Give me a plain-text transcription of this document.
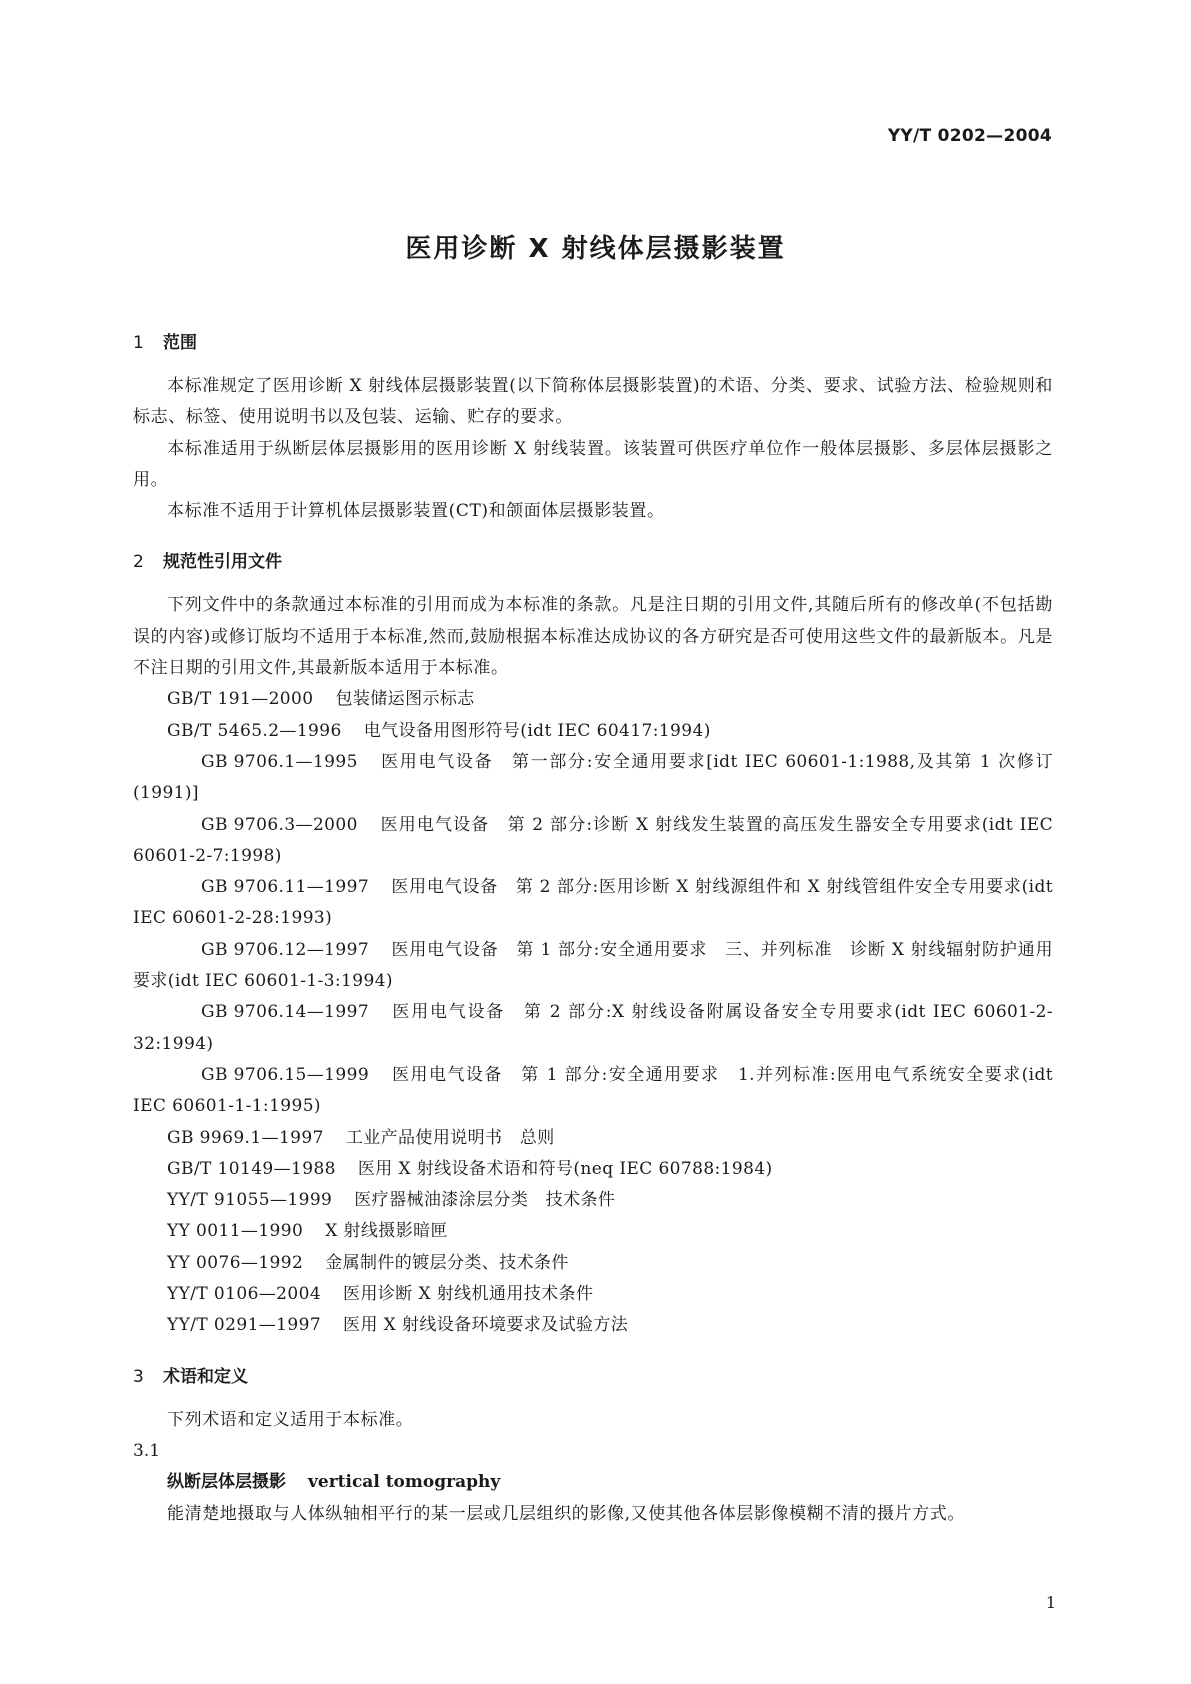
YY/T 0202—2004
医用诊断 X 射线体层摄影装置
1 范围
本标准规定了医用诊断 X 射线体层摄影装置(以下简称体层摄影装置)的术语、分类、要求、试验方法、检验规则和标志、标签、使用说明书以及包装、运输、贮存的要求。
本标准适用于纵断层体层摄影用的医用诊断 X 射线装置。该装置可供医疗单位作一般体层摄影、多层体层摄影之用。
本标准不适用于计算机体层摄影装置(CT)和颌面体层摄影装置。
2 规范性引用文件
下列文件中的条款通过本标准的引用而成为本标准的条款。凡是注日期的引用文件,其随后所有的修改单(不包括勘误的内容)或修订版均不适用于本标准,然而,鼓励根据本标准达成协议的各方研究是否可使用这些文件的最新版本。凡是不注日期的引用文件,其最新版本适用于本标准。
GB/T 191—2000 包装储运图示标志
GB/T 5465.2—1996 电气设备用图形符号(idt IEC 60417:1994)
GB 9706.1—1995 医用电气设备　第一部分:安全通用要求[idt IEC 60601-1:1988,及其第 1 次修订(1991)]
GB 9706.3—2000 医用电气设备　第 2 部分:诊断 X 射线发生装置的高压发生器安全专用要求(idt IEC 60601-2-7:1998)
GB 9706.11—1997 医用电气设备　第 2 部分:医用诊断 X 射线源组件和 X 射线管组件安全专用要求(idt IEC 60601-2-28:1993)
GB 9706.12—1997 医用电气设备　第 1 部分:安全通用要求　三、并列标准　诊断 X 射线辐射防护通用要求(idt IEC 60601-1-3:1994)
GB 9706.14—1997 医用电气设备　第 2 部分:X 射线设备附属设备安全专用要求(idt IEC 60601-2-32:1994)
GB 9706.15—1999 医用电气设备　第 1 部分:安全通用要求　1.并列标准:医用电气系统安全要求(idt IEC 60601-1-1:1995)
GB 9969.1—1997 工业产品使用说明书　总则
GB/T 10149—1988 医用 X 射线设备术语和符号(neq IEC 60788:1984)
YY/T 91055—1999 医疗器械油漆涂层分类　技术条件
YY 0011—1990 X 射线摄影暗匣
YY 0076—1992 金属制件的镀层分类、技术条件
YY/T 0106—2004 医用诊断 X 射线机通用技术条件
YY/T 0291—1997 医用 X 射线设备环境要求及试验方法
3 术语和定义
下列术语和定义适用于本标准。
3.1
纵断层体层摄影 vertical tomography
能清楚地摄取与人体纵轴相平行的某一层或几层组织的影像,又使其他各体层影像模糊不清的摄片方式。
1
